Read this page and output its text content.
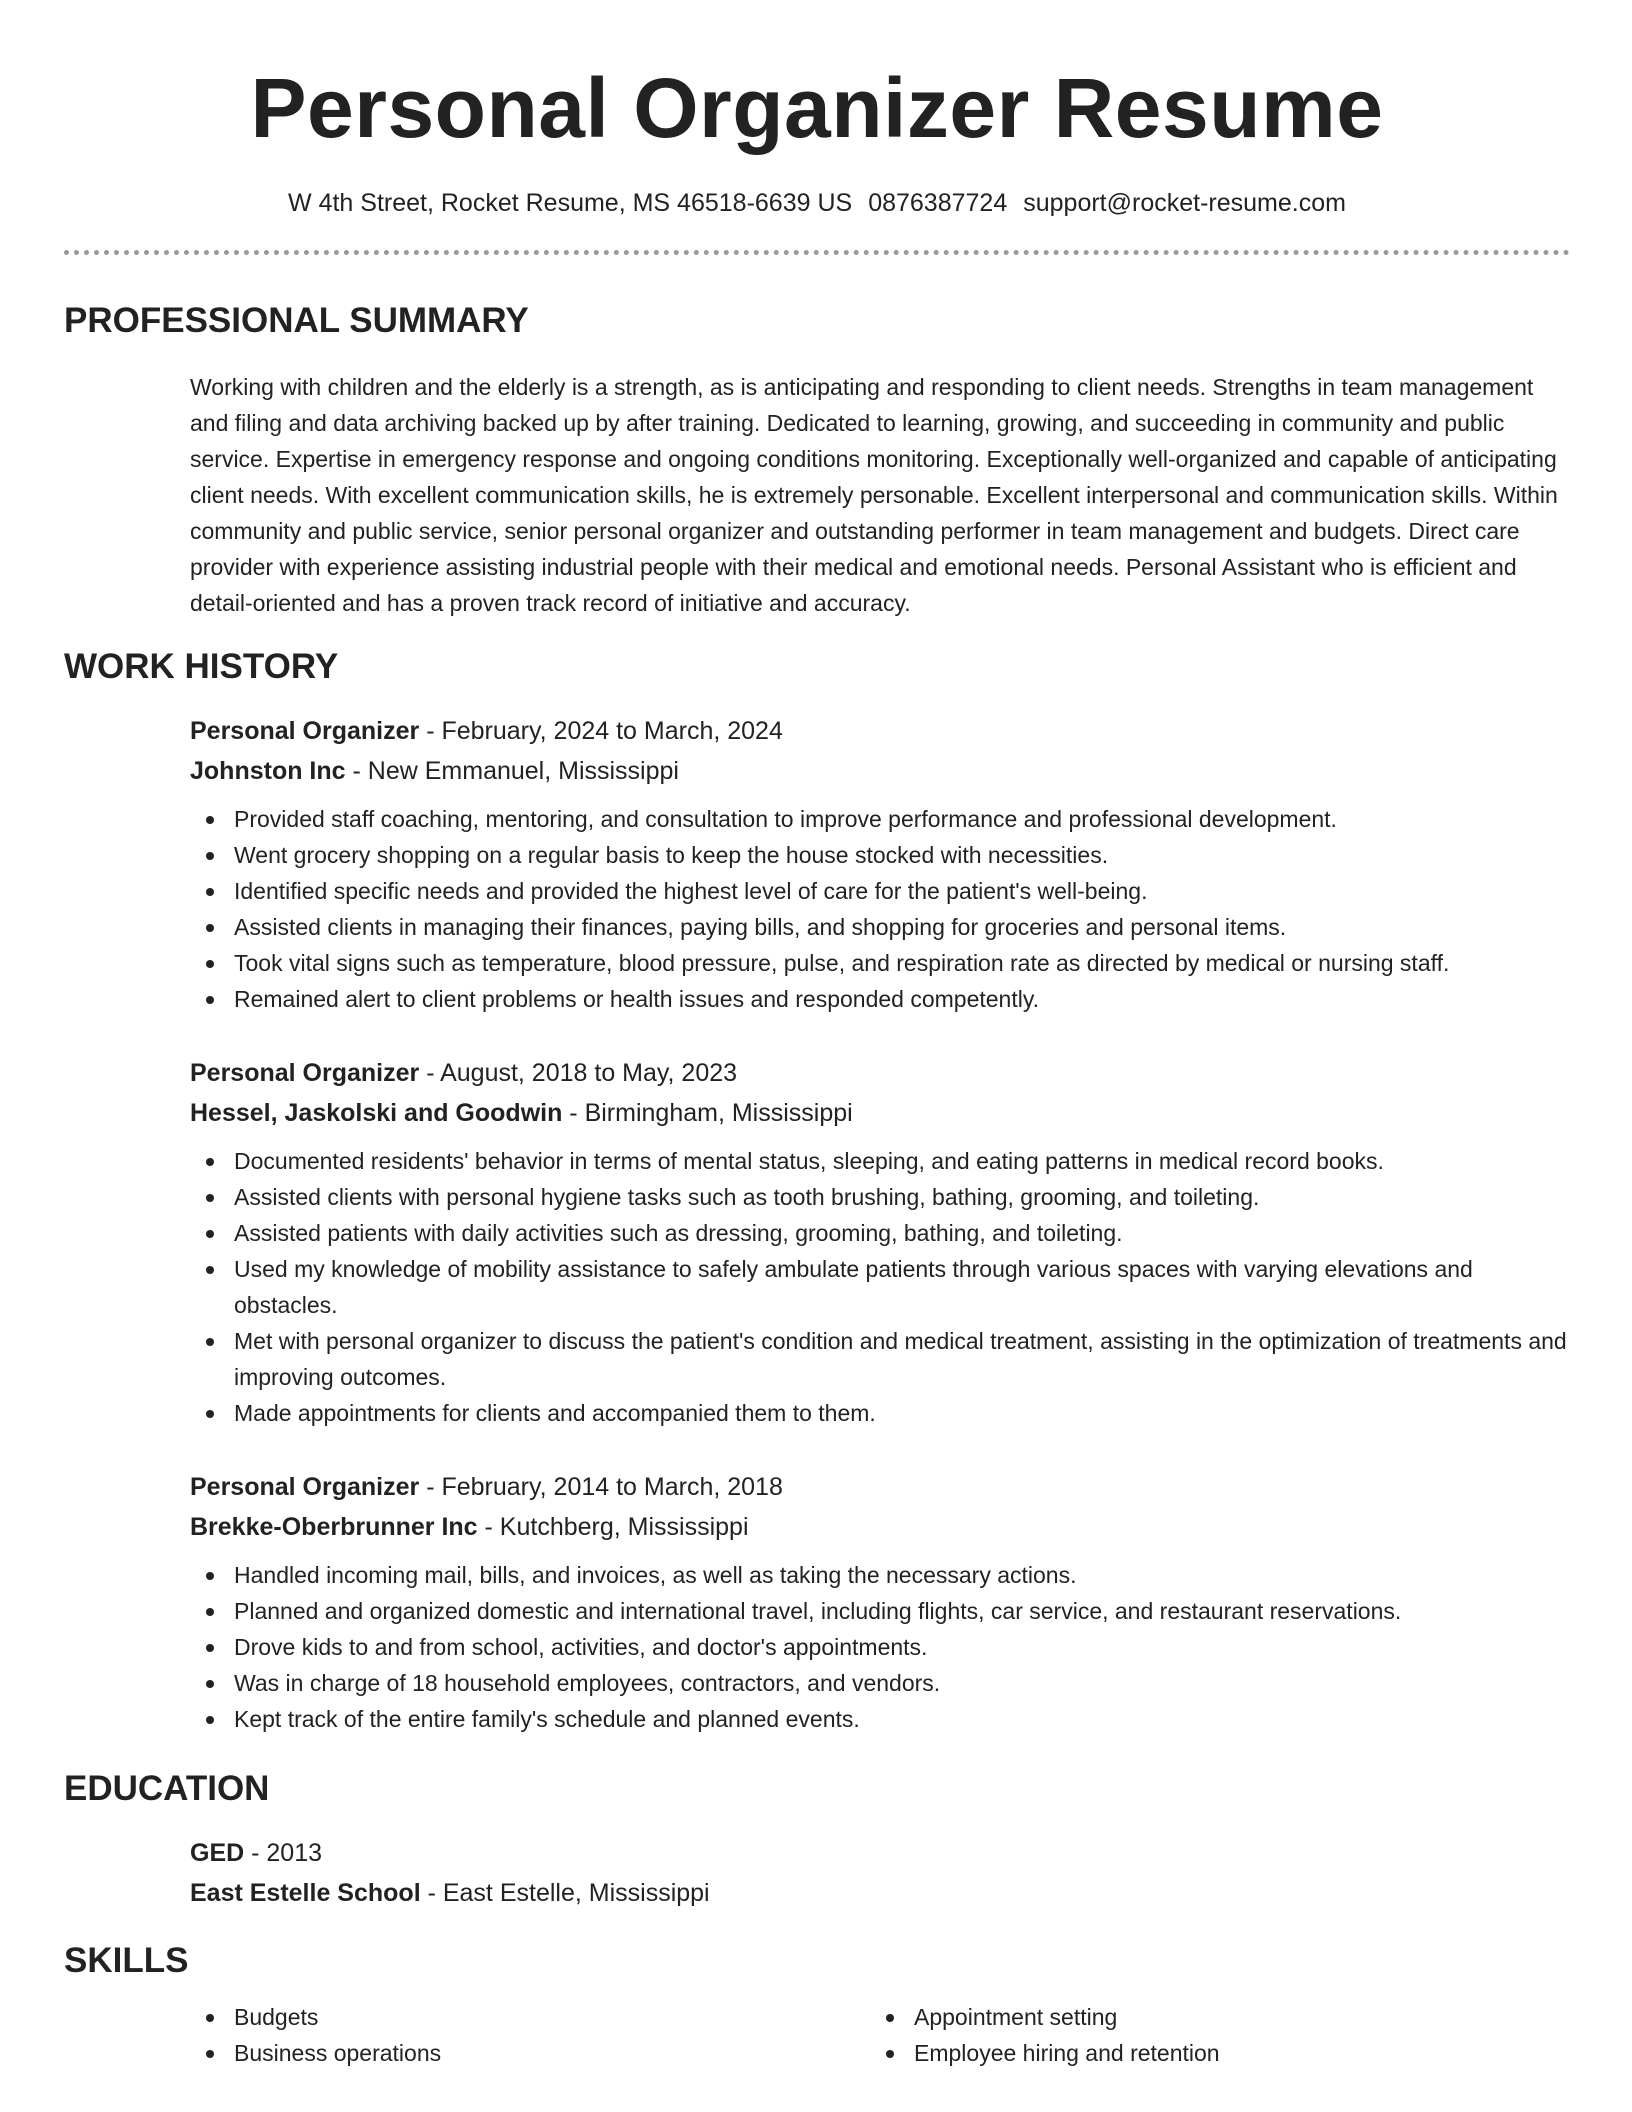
Personal Organizer Resume
W 4th Street, Rocket Resume, MS 46518-6639 US 0876387724 support@rocket-resume.com
PROFESSIONAL SUMMARY

Working with children and the elderly is a strength, as is anticipating and responding to client needs. Strengths in team management and filing and data archiving backed up by after training. Dedicated to learning, growing, and succeeding in community and public service. Expertise in emergency response and ongoing conditions monitoring. Exceptionally well-organized and capable of anticipating client needs. With excellent communication skills, he is extremely personable. Excellent interpersonal and communication skills. Within community and public service, senior personal organizer and outstanding performer in team management and budgets. Direct care provider with experience assisting industrial people with their medical and emotional needs. Personal Assistant who is efficient and detail-oriented and has a proven track record of initiative and accuracy.

WORK HISTORY
Personal Organizer - February, 2024 to March, 2024
Johnston Inc - New Emmanuel, Mississippi
Provided staff coaching, mentoring, and consultation to improve performance and professional development.
Went grocery shopping on a regular basis to keep the house stocked with necessities.
Identified specific needs and provided the highest level of care for the patient's well-being.
Assisted clients in managing their finances, paying bills, and shopping for groceries and personal items.
Took vital signs such as temperature, blood pressure, pulse, and respiration rate as directed by medical or nursing staff.
Remained alert to client problems or health issues and responded competently.
Personal Organizer - August, 2018 to May, 2023
Hessel, Jaskolski and Goodwin - Birmingham, Mississippi
Documented residents' behavior in terms of mental status, sleeping, and eating patterns in medical record books.
Assisted clients with personal hygiene tasks such as tooth brushing, bathing, grooming, and toileting.
Assisted patients with daily activities such as dressing, grooming, bathing, and toileting.
Used my knowledge of mobility assistance to safely ambulate patients through various spaces with varying elevations and obstacles.
Met with personal organizer to discuss the patient's condition and medical treatment, assisting in the optimization of treatments and improving outcomes.
Made appointments for clients and accompanied them to them.
Personal Organizer - February, 2014 to March, 2018
Brekke-Oberbrunner Inc - Kutchberg, Mississippi
Handled incoming mail, bills, and invoices, as well as taking the necessary actions.
Planned and organized domestic and international travel, including flights, car service, and restaurant reservations.
Drove kids to and from school, activities, and doctor's appointments.
Was in charge of 18 household employees, contractors, and vendors.
Kept track of the entire family's schedule and planned events.
EDUCATION
GED - 2013
East Estelle School - East Estelle, Mississippi
SKILLS
Budgets
Business operations
Appointment setting
Employee hiring and retention
